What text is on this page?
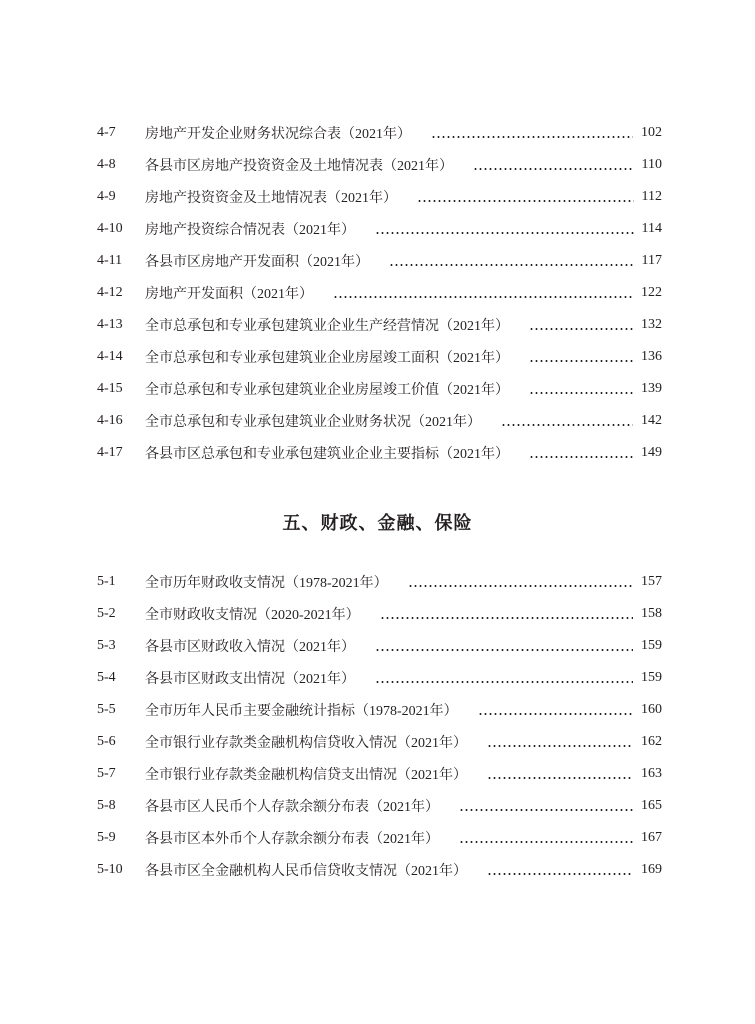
4-7	房地产开发企业财务状况综合表（2021年）	102
4-8	各县市区房地产投资资金及土地情况表（2021年）	110
4-9	房地产投资资金及土地情况表（2021年）	112
4-10	房地产投资综合情况表（2021年）	114
4-11	各县市区房地产开发面积（2021年）	117
4-12	房地产开发面积（2021年）	122
4-13	全市总承包和专业承包建筑业企业生产经营情况（2021年）	132
4-14	全市总承包和专业承包建筑业企业房屋竣工面积（2021年）	136
4-15	全市总承包和专业承包建筑业企业房屋竣工价值（2021年）	139
4-16	全市总承包和专业承包建筑业企业财务状况（2021年）	142
4-17	各县市区总承包和专业承包建筑业企业主要指标（2021年）	149
五、财政、金融、保险
5-1	全市历年财政收支情况（1978-2021年）	157
5-2	全市财政收支情况（2020-2021年）	158
5-3	各县市区财政收入情况（2021年）	159
5-4	各县市区财政支出情况（2021年）	159
5-5	全市历年人民币主要金融统计指标（1978-2021年）	160
5-6	全市银行业存款类金融机构信贷收入情况（2021年）	162
5-7	全市银行业存款类金融机构信贷支出情况（2021年）	163
5-8	各县市区人民币个人存款余额分布表（2021年）	165
5-9	各县市区本外币个人存款余额分布表（2021年）	167
5-10	各县市区全金融机构人民币信贷收支情况（2021年）	169
